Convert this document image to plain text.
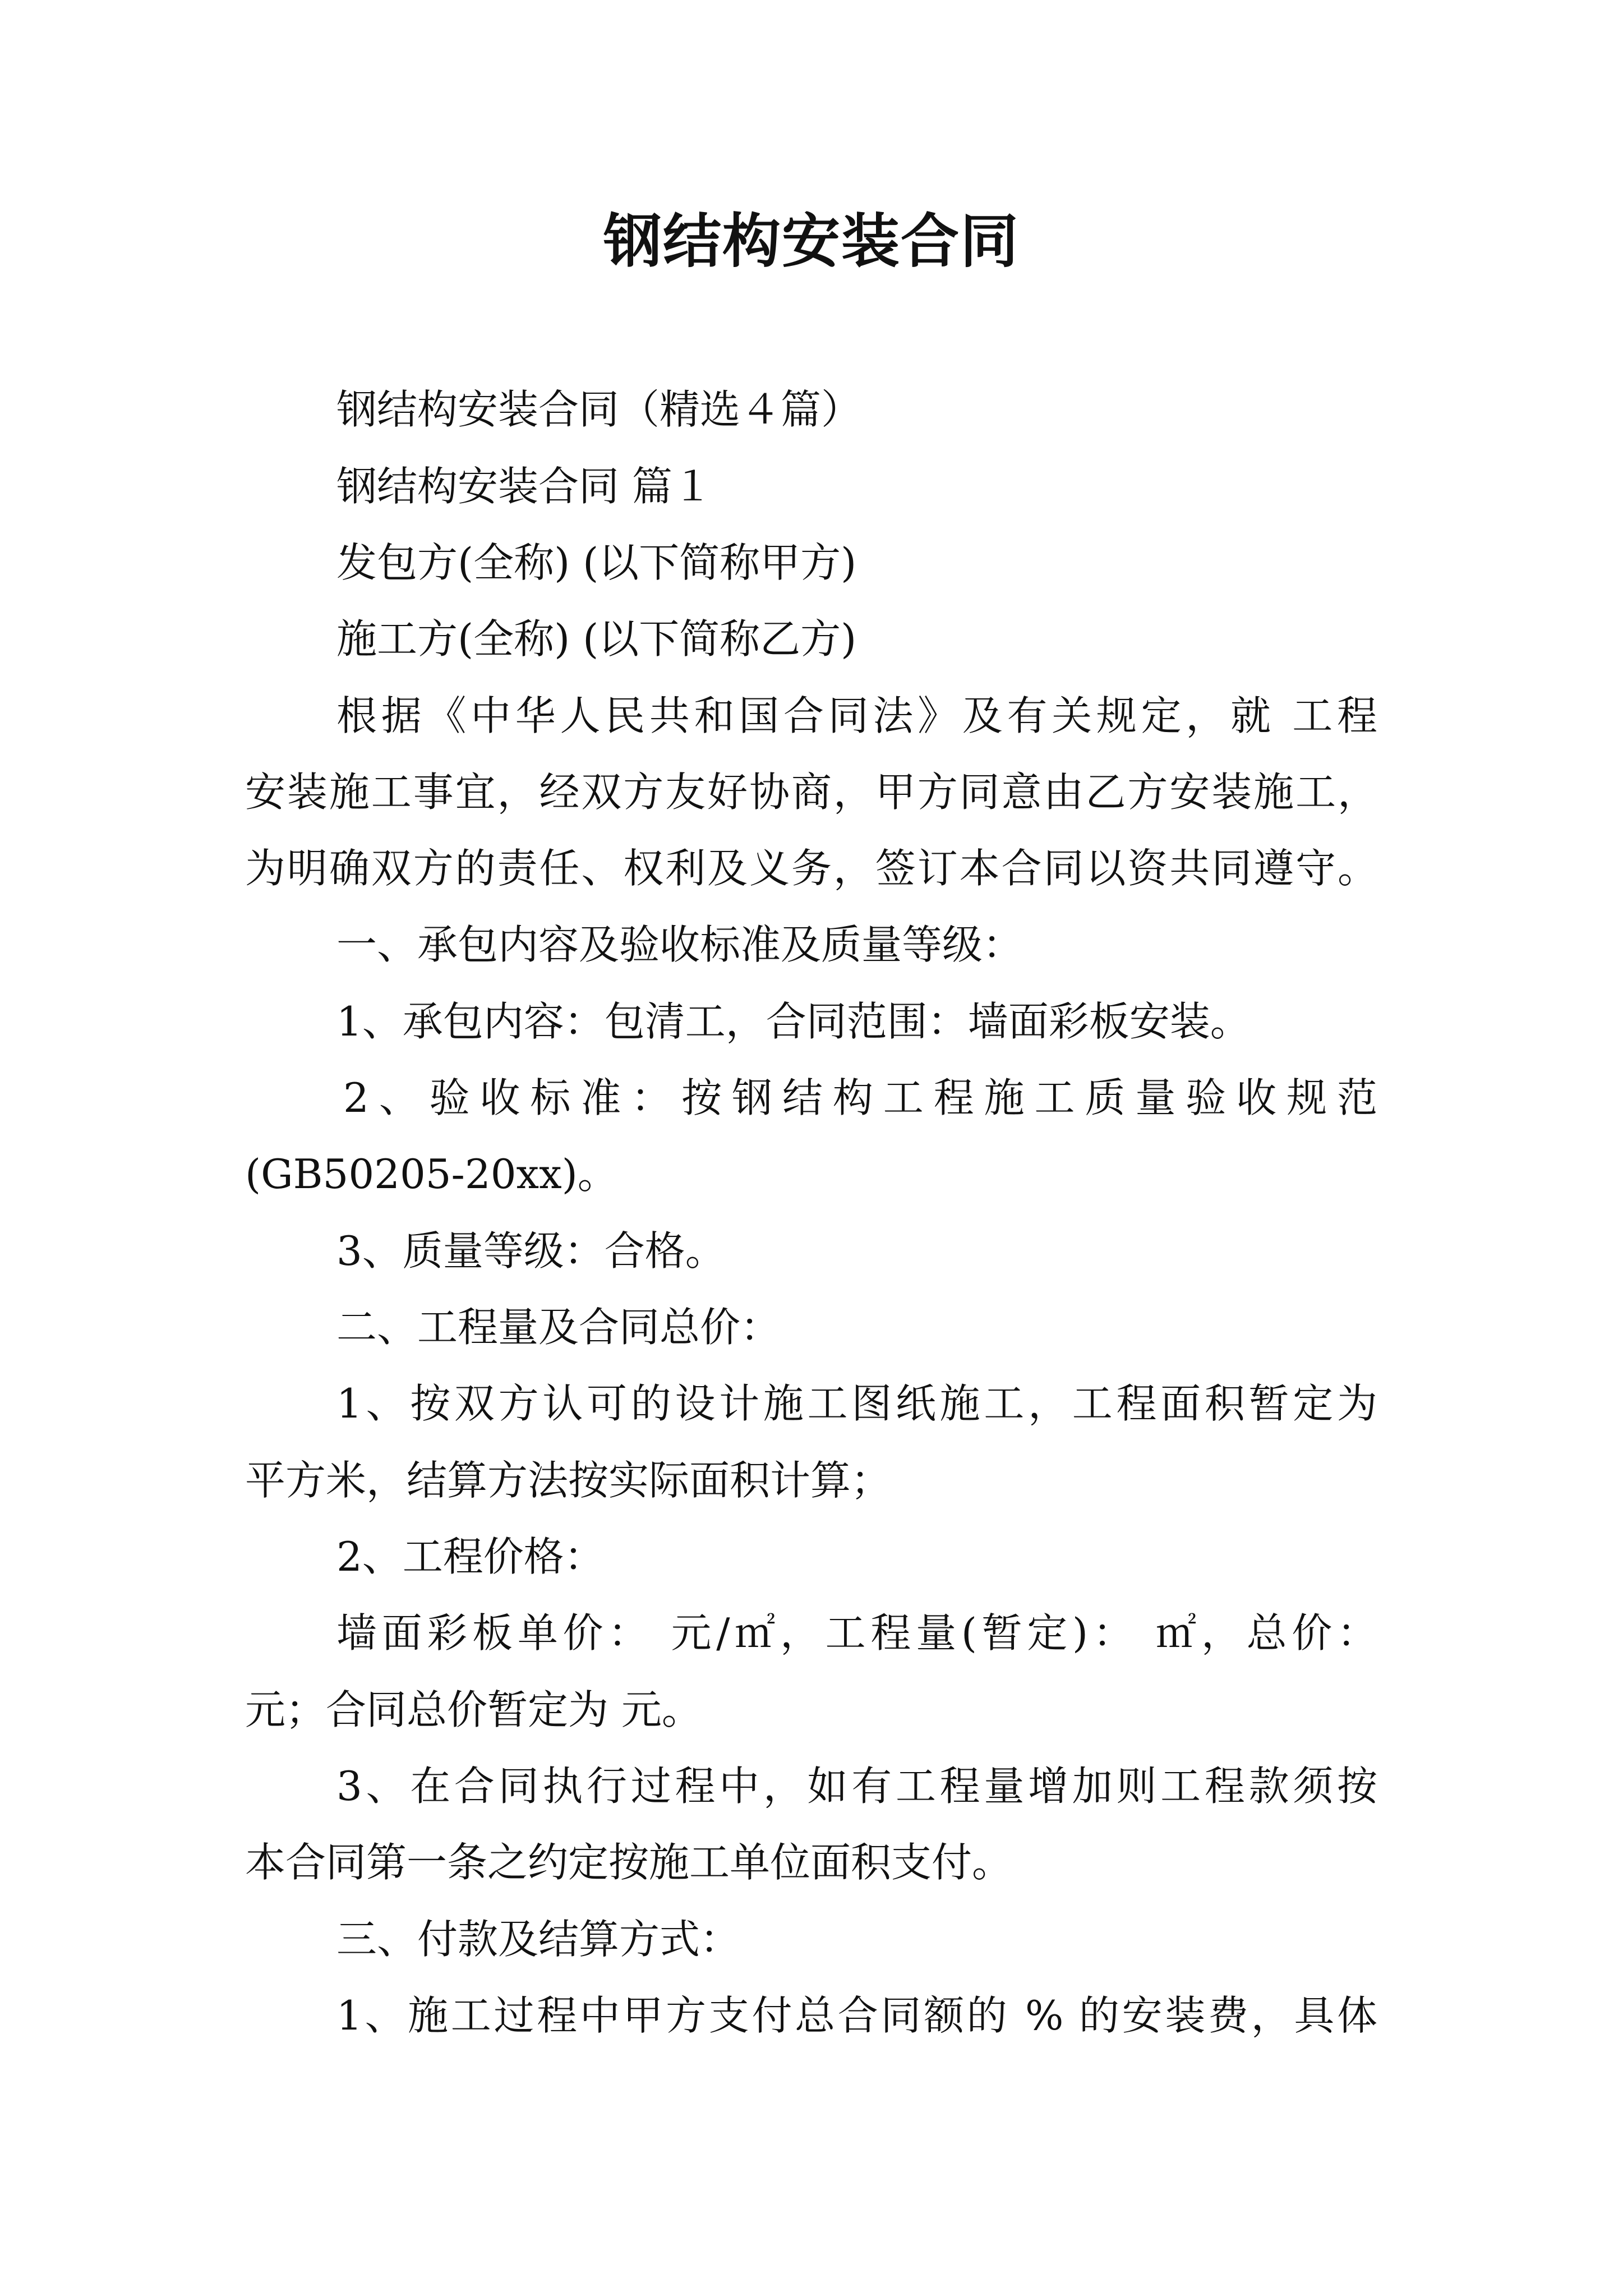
钢结构安装合同
钢结构安装合同（精选４篇）
钢结构安装合同 篇１
发包方(全称) (以下简称甲方)
施工方(全称) (以下简称乙方)
根据《中华人民共和国合同法》及有关规定，就 工程
安装施工事宜，经双方友好协商，甲方同意由乙方安装施工，
为明确双方的责任、权利及义务，签订本合同以资共同遵守。
一、承包内容及验收标准及质量等级：
1、承包内容：包清工，合同范围：墙面彩板安装。
2、验收标准：按钢结构工程施工质量验收规范
(GB50205-20xx)。
3、质量等级：合格。
二、工程量及合同总价：
1、按双方认可的设计施工图纸施工，工程面积暂定为
平方米，结算方法按实际面积计算；
2、工程价格：
墙面彩板单价： 元/㎡，工程量(暂定)： ㎡，总价：
元；合同总价暂定为 元。
3、在合同执行过程中，如有工程量增加则工程款须按
本合同第一条之约定按施工单位面积支付。
三、付款及结算方式：
1、施工过程中甲方支付总合同额的 % 的安装费，具体
